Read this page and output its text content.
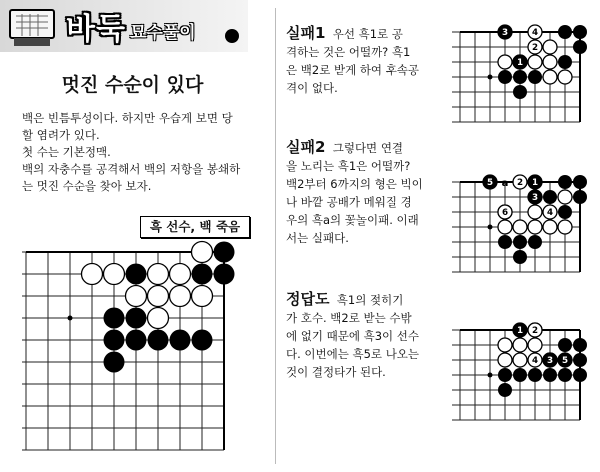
바둑 묘수풀이
멋진 수순이 있다
백은 빈틈투성이다. 하지만 우습게 보면 당
할 염려가 있다.
첫 수는 기본정맥.
백의 자충수를 공격해서 백의 저항을 봉쇄하
는 멋진 수순을 찾아 보자.
흑 선수, 백 죽음
실패1 우선 흑1로 공
격하는 것은 어떨까? 흑1
은 백2로 받게 하여 후속공
격이 없다.
실패2 그렇다면 연결
을 노리는 흑1은 어떨까?
백2부터 6까지의 형은 빅이
나 바깥 공배가 메워질 경
우의 흑a의 꽃놀이패. 이래
서는 실패다.
정답도 흑1의 젖히기
가 호수. 백2로 받는 수밖
에 없기 때문에 흑3이 선수
다. 이번에는 흑5로 나오는
것이 결정타가 된다.
1
2
3	4
1
2
3
4
5
6
a
1 2
3
4	5
